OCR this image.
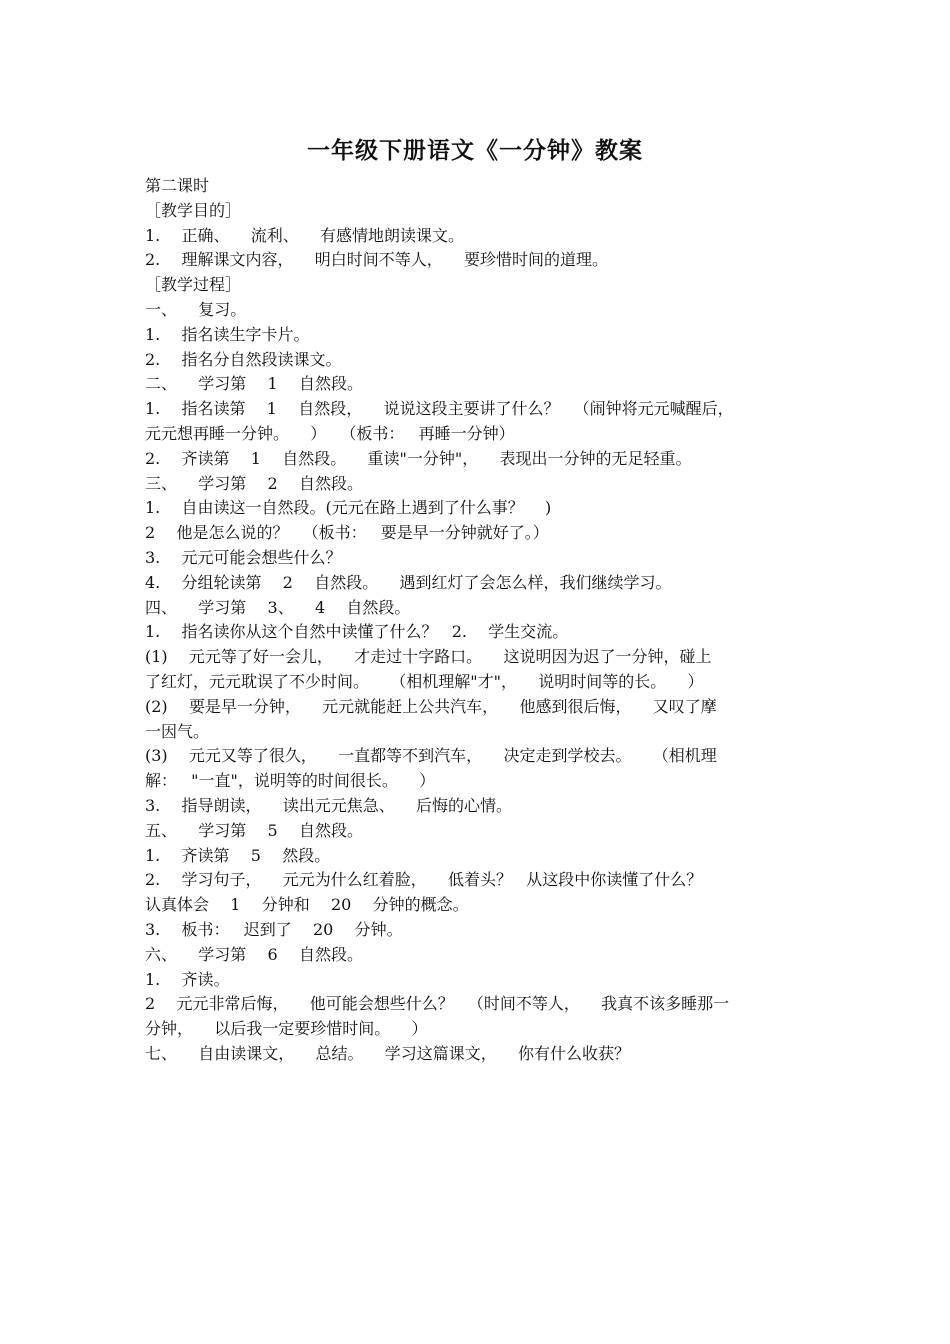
一年级下册语文《一分钟》教案
第二课时
［教学目的］
1.   正确、   流利、   有感情地朗读课文。
2.   理解课文内容，   明白时间不等人，   要珍惜时间的道理。
［教学过程］
一、   复习。
1.   指名读生字卡片。
2.   指名分自然段读课文。
二、   学习第   1   自然段。
1.   指名读第   1   自然段，   说说这段主要讲了什么？  （闹钟将元元喊醒后，
元元想再睡一分钟。   ）  （板书：  再睡一分钟）
2.   齐读第   1   自然段。   重读"一分钟"，   表现出一分钟的无足轻重。
三、   学习第   2   自然段。
1.   自由读这一自然段。(元元在路上遇到了什么事？   )
2   他是怎么说的？  （板书：  要是早一分钟就好了。）
3.   元元可能会想些什么？
4.   分组轮读第   2   自然段。   遇到红灯了会怎么样，我们继续学习。
四、   学习第   3、   4   自然段。
1.   指名读你从这个自然中读懂了什么？  2.   学生交流。
(1)   元元等了好一会儿，   才走过十字路口。   这说明因为迟了一分钟，碰上
了红灯，元元耽误了不少时间。   （相机理解"才"，   说明时间等的长。   ）
(2)   要是早一分钟，   元元就能赶上公共汽车，   他感到很后悔，   又叹了摩
一因气。
(3)   元元又等了很久，   一直都等不到汽车，   决定走到学校去。   （相机理
解：  "一直"，说明等的时间很长。   ）
3.   指导朗读，   读出元元焦急、   后悔的心情。
五、   学习第   5   自然段。
1.   齐读第   5   然段。
2.   学习句子，   元元为什么红着脸，   低着头？  从这段中你读懂了什么？
认真体会   1   分钟和   20   分钟的概念。
3.   板书：  迟到了   20   分钟。
六、   学习第   6   自然段。
1.   齐读。
2   元元非常后悔，   他可能会想些什么？  （时间不等人，   我真不该多睡那一
分钟，   以后我一定要珍惜时间。   ）
七、   自由读课文，   总结。   学习这篇课文，   你有什么收获？
